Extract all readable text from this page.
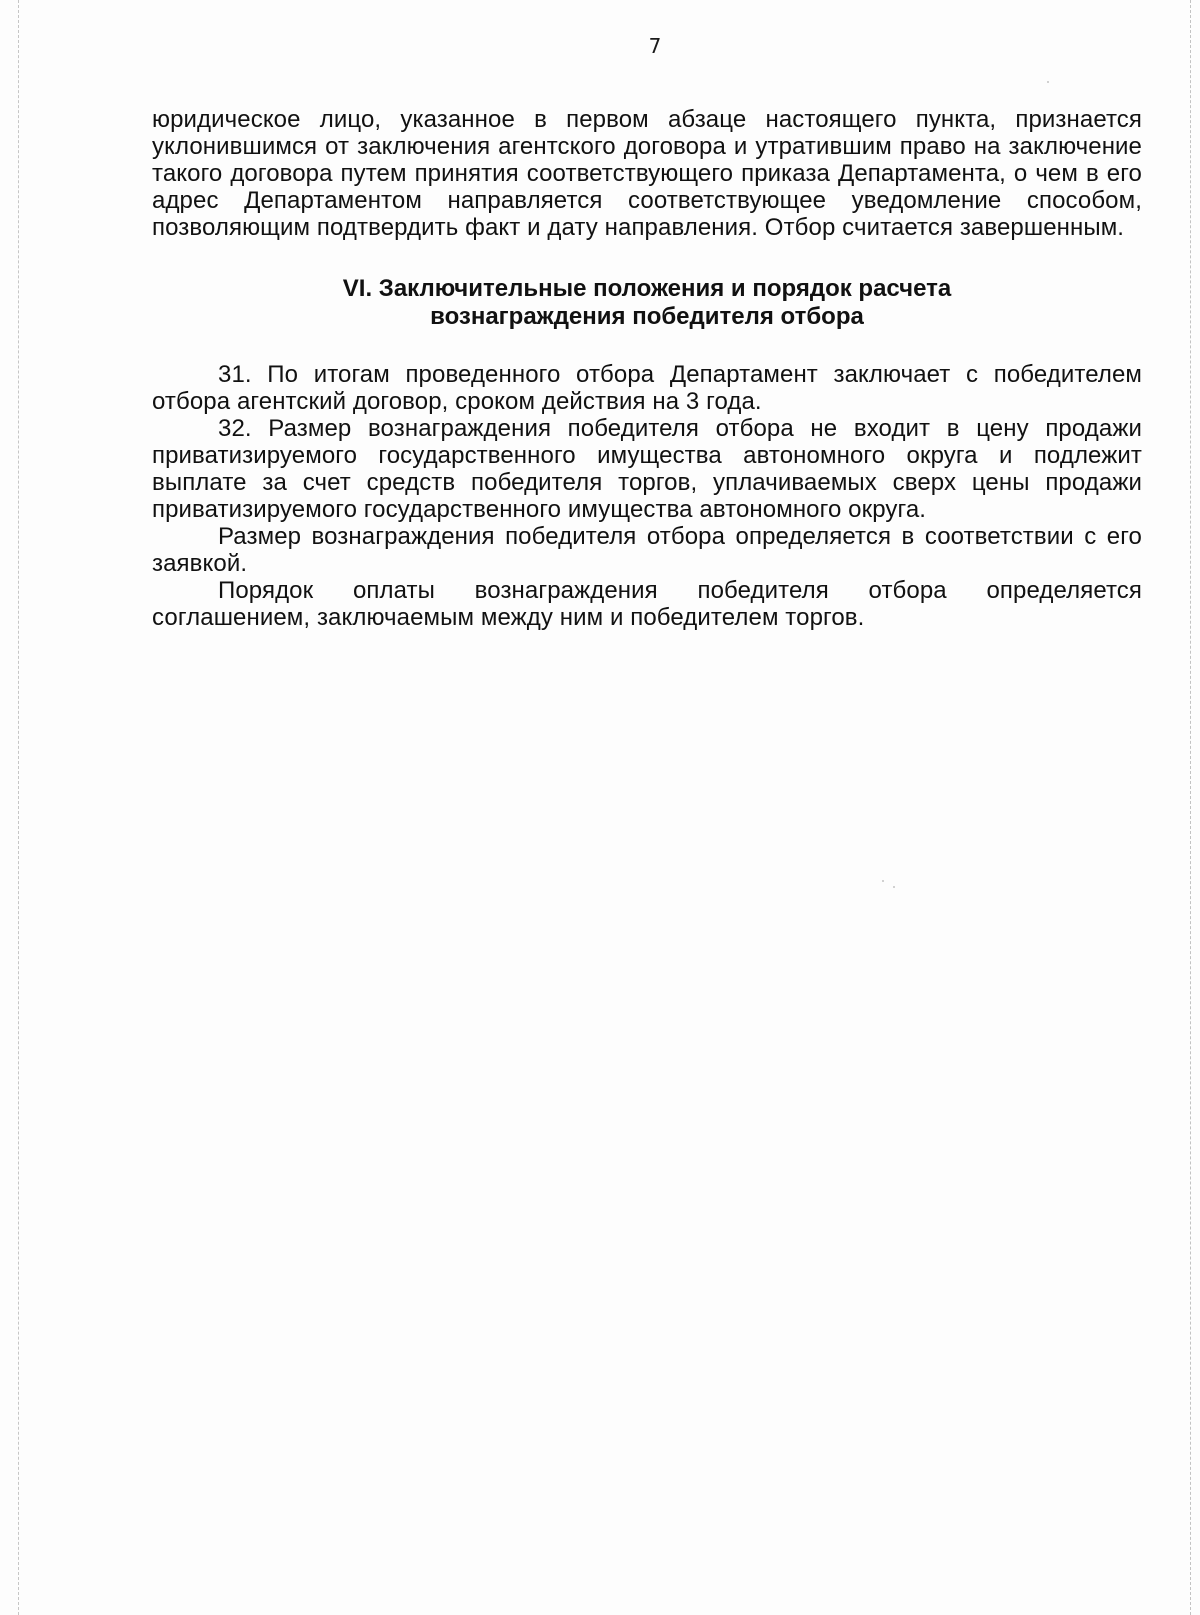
7

юридическое лицо, указанное в первом абзаце настоящего пункта, признается уклонившимся от заключения агентского договора и утратившим право на заключение такого договора путем принятия соответствующего приказа Департамента, о чем в его адрес Департаментом направляется соответствующее уведомление способом, позволяющим подтвердить факт и дату направления. Отбор считается завершенным.

VI. Заключительные положения и порядок расчета
вознаграждения победителя отбора

31. По итогам проведенного отбора Департамент заключает с победителем отбора агентский договор, сроком действия на 3 года.

32. Размер вознаграждения победителя отбора не входит в цену продажи приватизируемого государственного имущества автономного округа и подлежит выплате за счет средств победителя торгов, уплачиваемых сверх цены продажи приватизируемого государственного имущества автономного округа.

Размер вознаграждения победителя отбора определяется в соответствии с его заявкой.

Порядок оплаты вознаграждения победителя отбора определяется соглашением, заключаемым между ним и победителем торгов.
